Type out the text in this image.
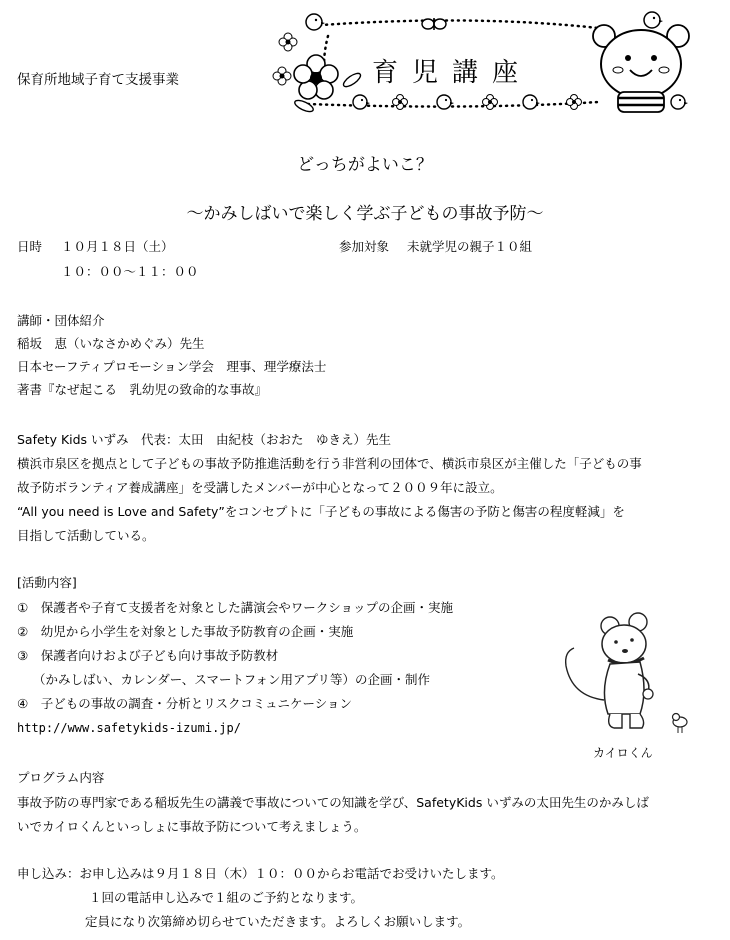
保育所地域子育て支援事業	育児講座
どっちがよいこ？
～かみしばいで楽しく学ぶ子どもの事故予防～
日時 １０月１８日（土）
１０：００～１１：００
参加対象 未就学児の親子１０組
講師・団体紹介
稲坂　恵（いなさかめぐみ）先生
日本セーフティプロモーション学会　理事、理学療法士
著書『なぜ起こる　乳幼児の致命的な事故』
Safety Kids いずみ　代表：太田　由紀枝（おおた　ゆきえ）先生
横浜市泉区を拠点として子どもの事故予防推進活動を行う非営利の団体で、横浜市泉区が主催した「子どもの事
故予防ボランティア養成講座」を受講したメンバーが中心となって２００９年に設立。
“All you need is Love and Safety”をコンセプトに「子どもの事故による傷害の予防と傷害の程度軽減」を
目指して活動している。
[活動内容]
①　保護者や子育て支援者を対象とした講演会やワークショップの企画・実施
②　幼児から小学生を対象とした事故予防教育の企画・実施
③　保護者向けおよび子ども向け事故予防教材
（かみしばい、カレンダー、スマートフォン用アプリ等）の企画・制作
④　子どもの事故の調査・分析とリスクコミュニケーション
http://www.safetykids-izumi.jp/
カイロくん
プログラム内容
事故予防の専門家である稲坂先生の講義で事故についての知識を学び、SafetyKids いずみの太田先生のかみしば
いでカイロくんといっしょに事故予防について考えましょう。
申し込み：お申し込みは９月１８日（木）１０：００からお電話でお受けいたします。
１回の電話申し込みで１組のご予約となります。
定員になり次第締め切らせていただきます。よろしくお願いします。
